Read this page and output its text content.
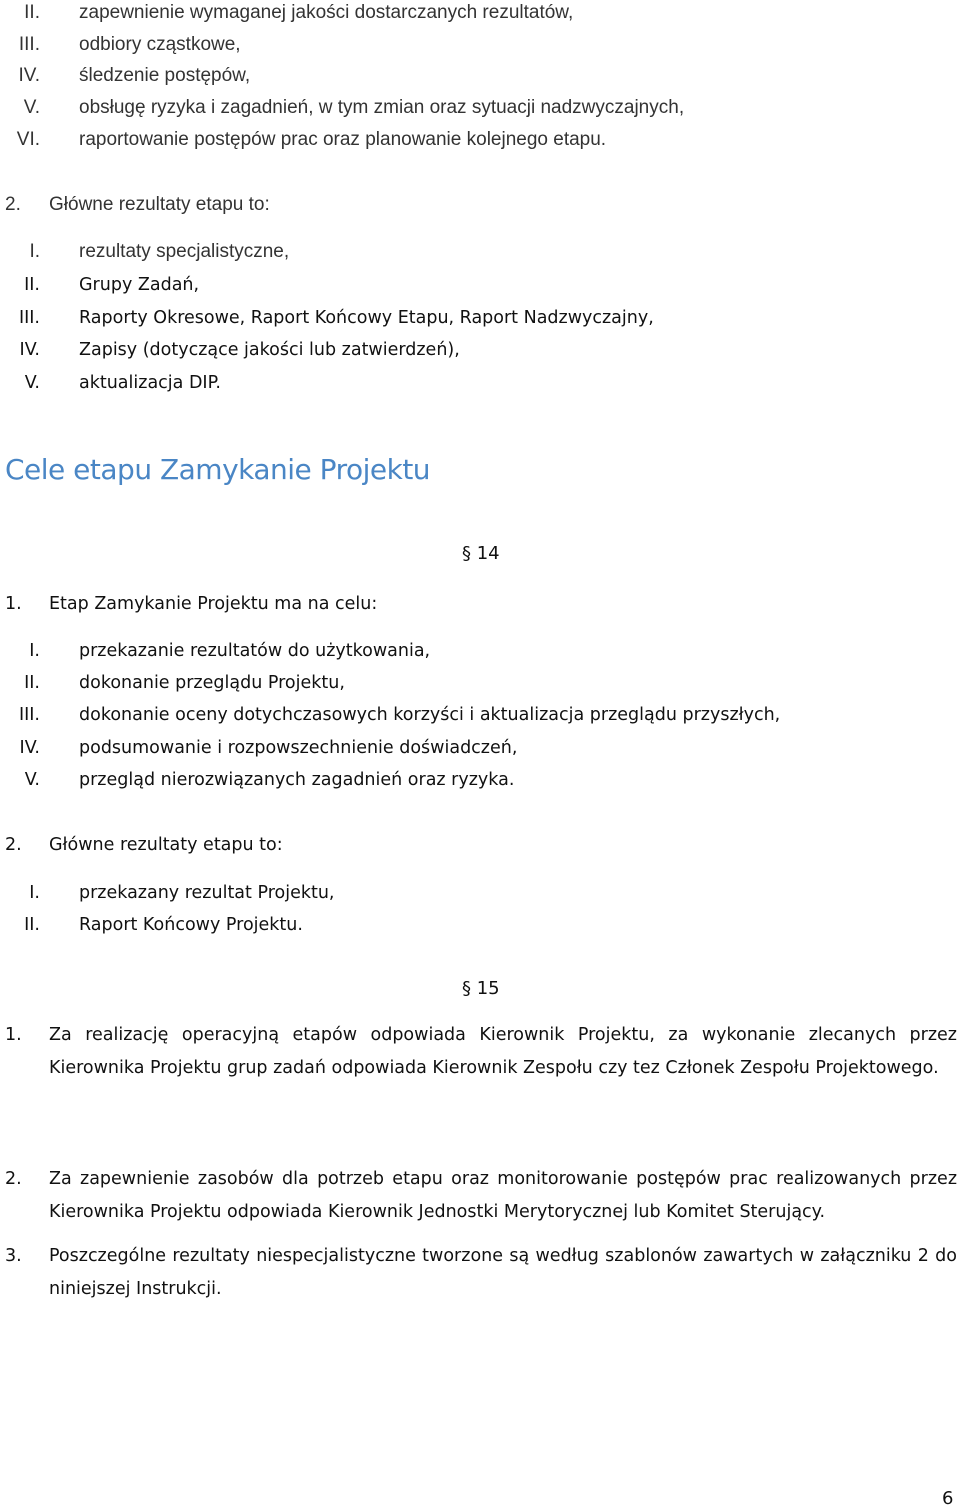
II. zapewnienie wymaganej jakości dostarczanych rezultatów,
III. odbiory cząstkowe,
IV. śledzenie postępów,
V. obsługę ryzyka i zagadnień, w tym zmian oraz sytuacji nadzwyczajnych,
VI. raportowanie postępów prac oraz planowanie kolejnego etapu.
2. Główne rezultaty etapu to:
I. rezultaty specjalistyczne,
II. Grupy Zadań,
III. Raporty Okresowe, Raport Końcowy Etapu, Raport Nadzwyczajny,
IV. Zapisy (dotyczące jakości lub zatwierdzeń),
V. aktualizacja DIP.
Cele etapu Zamykanie Projektu
§ 14
1. Etap Zamykanie Projektu ma na celu:
I. przekazanie rezultatów do użytkowania,
II. dokonanie przeglądu Projektu,
III. dokonanie oceny dotychczasowych korzyści i aktualizacja przeglądu przyszłych,
IV. podsumowanie i rozpowszechnienie doświadczeń,
V. przegląd nierozwiązanych zagadnień oraz ryzyka.
2. Główne rezultaty etapu to:
I. przekazany rezultat Projektu,
II. Raport Końcowy Projektu.
§ 15
1. Za realizację operacyjną etapów odpowiada Kierownik Projektu, za wykonanie zlecanych przez Kierownika Projektu grup zadań odpowiada Kierownik Zespołu czy tez Członek Zespołu Projektowego.
2. Za zapewnienie zasobów dla potrzeb etapu oraz monitorowanie postępów prac realizowanych przez Kierownika Projektu odpowiada Kierownik Jednostki Merytorycznej lub Komitet Sterujący.
3. Poszczególne rezultaty niespecjalistyczne tworzone są według szablonów zawartych w załączniku 2 do niniejszej Instrukcji.
6
